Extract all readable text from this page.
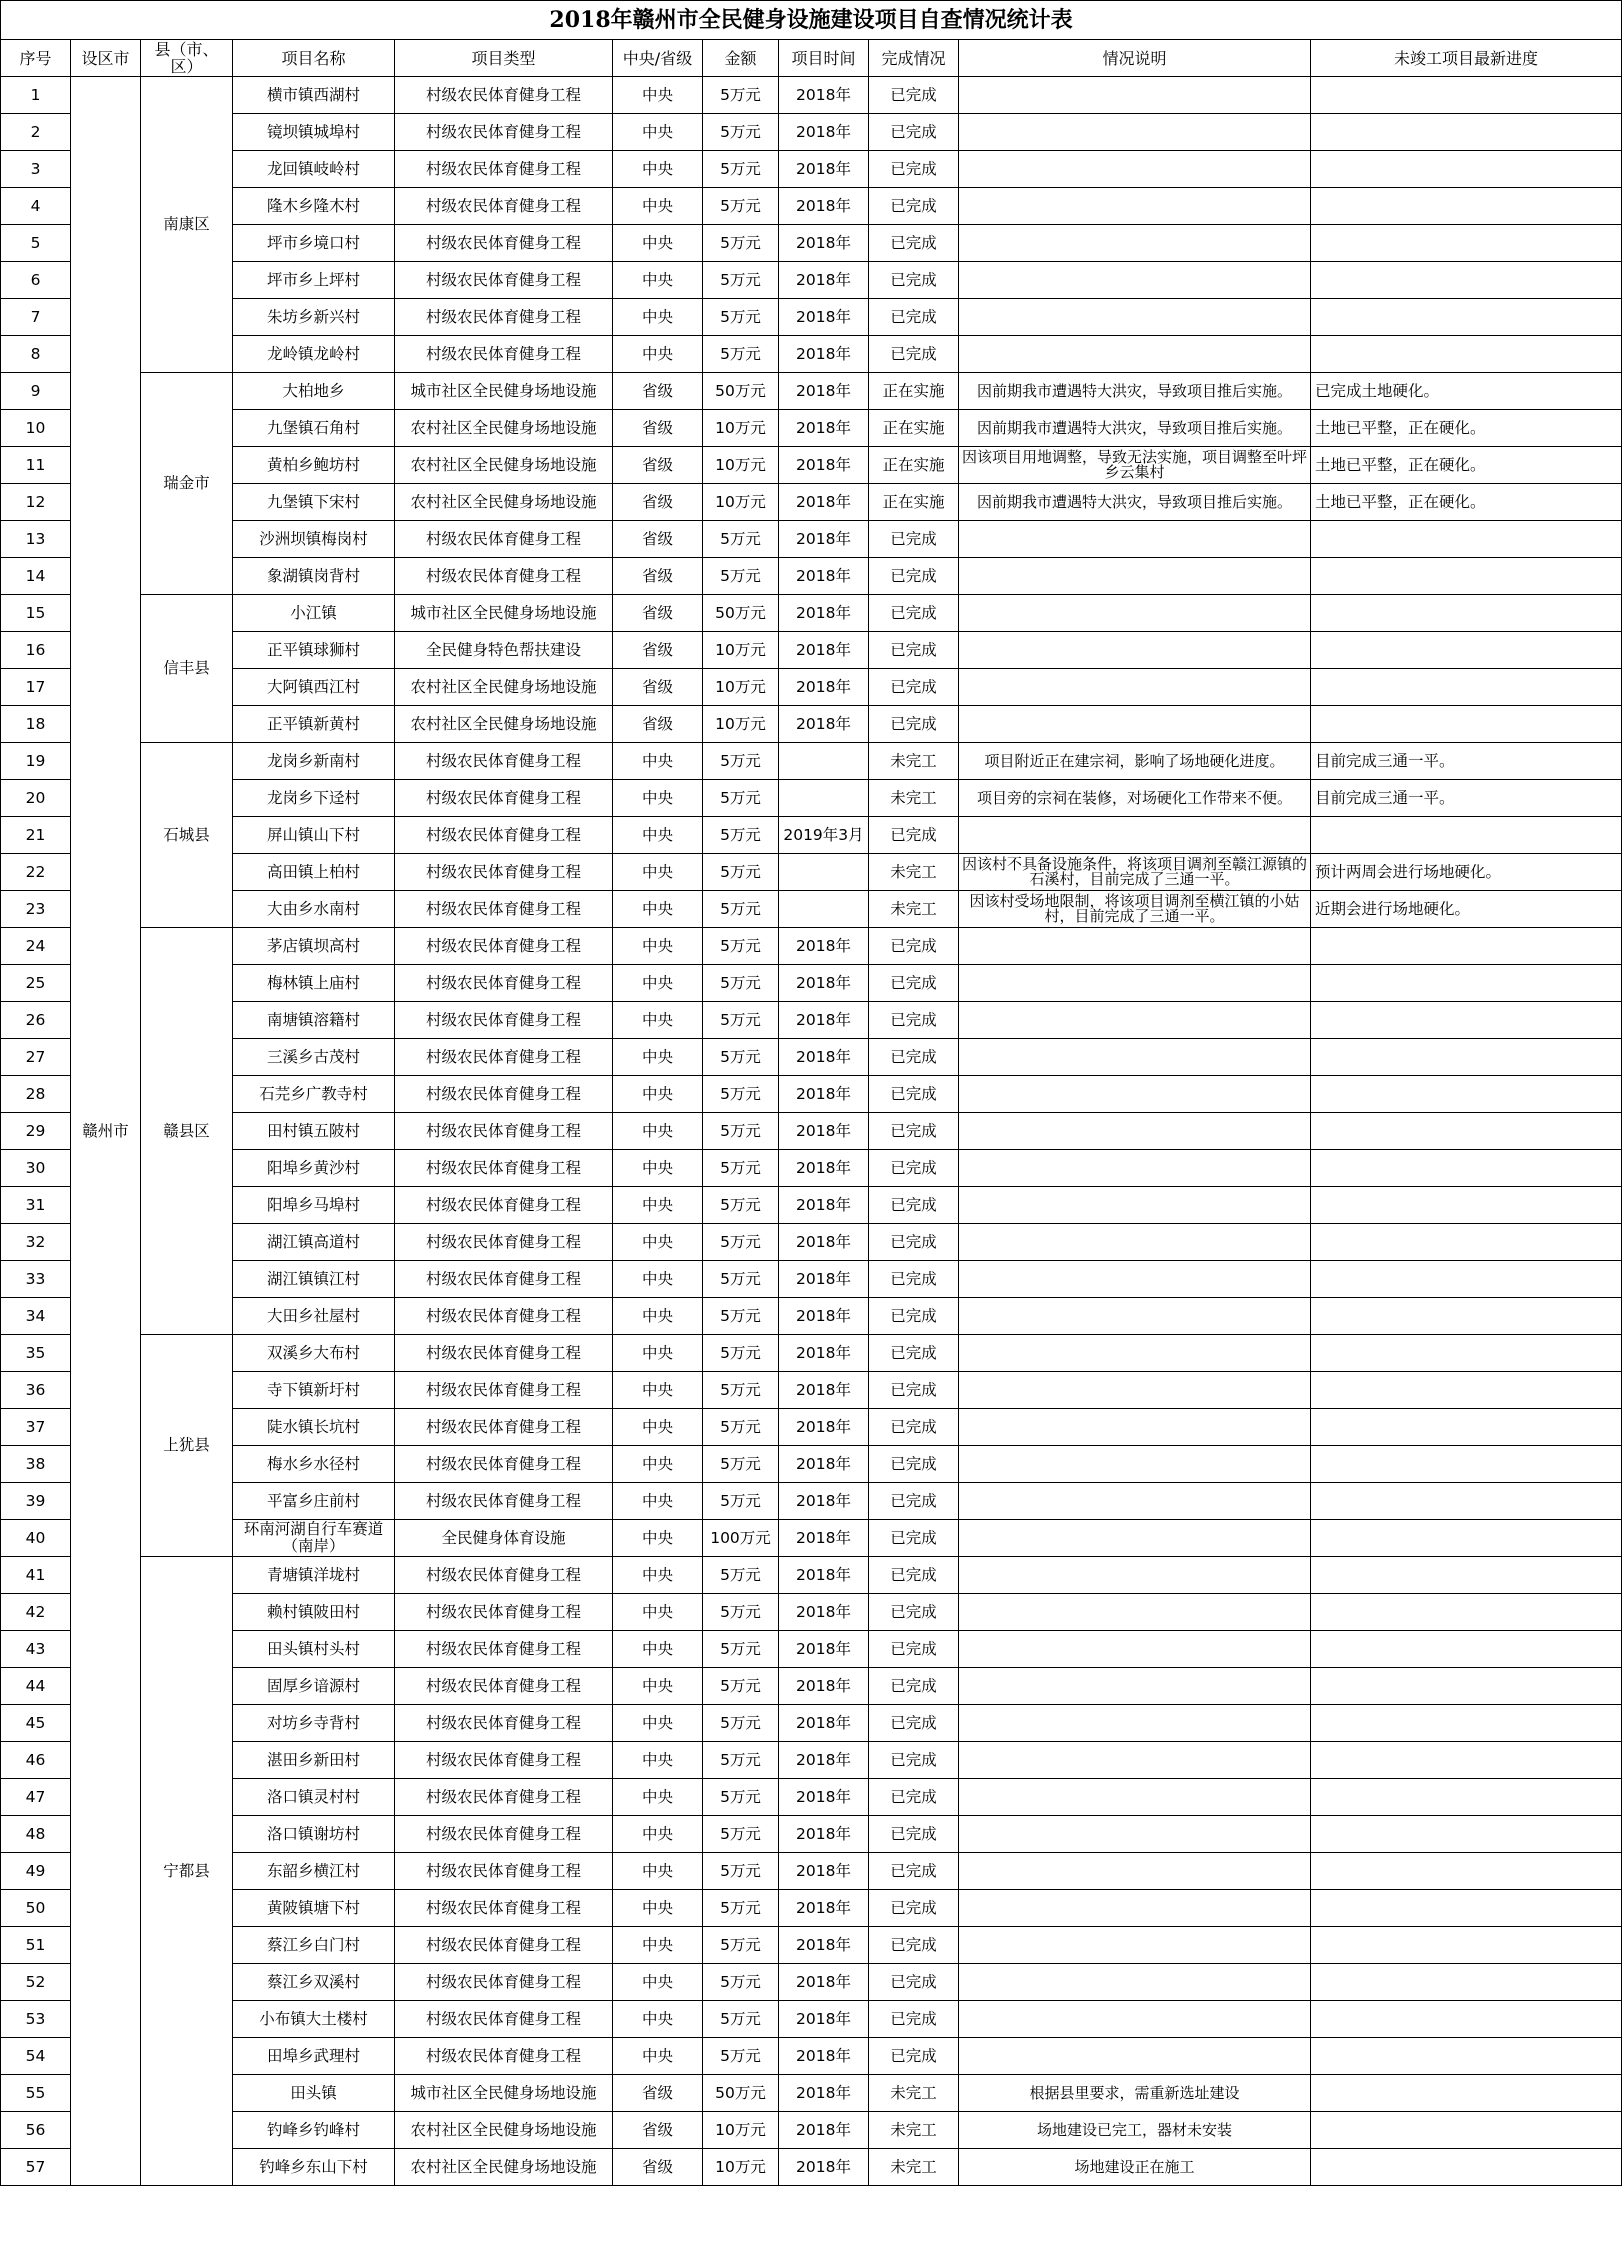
2018年赣州市全民健身设施建设项目自查情况统计表										
序号	设区市	县（市、区）	项目名称	项目类型	中央/省级	金额	项目时间	完成情况	情况说明	未竣工项目最新进度
1	赣州市	南康区	横市镇西湖村	村级农民体育健身工程	中央	5万元	2018年	已完成		
2			镜坝镇城埠村	村级农民体育健身工程	中央	5万元	2018年	已完成		
3			龙回镇岐岭村	村级农民体育健身工程	中央	5万元	2018年	已完成		
4			隆木乡隆木村	村级农民体育健身工程	中央	5万元	2018年	已完成		
5			坪市乡境口村	村级农民体育健身工程	中央	5万元	2018年	已完成		
6			坪市乡上坪村	村级农民体育健身工程	中央	5万元	2018年	已完成		
7			朱坊乡新兴村	村级农民体育健身工程	中央	5万元	2018年	已完成		
8			龙岭镇龙岭村	村级农民体育健身工程	中央	5万元	2018年	已完成		
9		瑞金市	大柏地乡	城市社区全民健身场地设施	省级	50万元	2018年	正在实施	因前期我市遭遇特大洪灾，导致项目推后实施。	已完成土地硬化。
10			九堡镇石角村	农村社区全民健身场地设施	省级	10万元	2018年	正在实施	因前期我市遭遇特大洪灾，导致项目推后实施。	土地已平整，正在硬化。
11			黄柏乡鲍坊村	农村社区全民健身场地设施	省级	10万元	2018年	正在实施	因该项目用地调整，导致无法实施，项目调整至叶坪乡云集村	土地已平整，正在硬化。
12			九堡镇下宋村	农村社区全民健身场地设施	省级	10万元	2018年	正在实施	因前期我市遭遇特大洪灾，导致项目推后实施。	土地已平整，正在硬化。
13			沙洲坝镇梅岗村	村级农民体育健身工程	省级	5万元	2018年	已完成		
14			象湖镇岗背村	村级农民体育健身工程	省级	5万元	2018年	已完成		
15		信丰县	小江镇	城市社区全民健身场地设施	省级	50万元	2018年	已完成		
16			正平镇球狮村	全民健身特色帮扶建设	省级	10万元	2018年	已完成		
17			大阿镇西江村	农村社区全民健身场地设施	省级	10万元	2018年	已完成		
18			正平镇新黄村	农村社区全民健身场地设施	省级	10万元	2018年	已完成		
19		石城县	龙岗乡新南村	村级农民体育健身工程	中央	5万元		未完工	项目附近正在建宗祠，影响了场地硬化进度。	目前完成三通一平。
20			龙岗乡下迳村	村级农民体育健身工程	中央	5万元		未完工	项目旁的宗祠在装修，对场硬化工作带来不便。	目前完成三通一平。
21			屏山镇山下村	村级农民体育健身工程	中央	5万元	2019年3月	已完成		
22			高田镇上柏村	村级农民体育健身工程	中央	5万元		未完工	因该村不具备设施条件，将该项目调剂至赣江源镇的石溪村，目前完成了三通一平。	预计两周会进行场地硬化。
23			大由乡水南村	村级农民体育健身工程	中央	5万元		未完工	因该村受场地限制，将该项目调剂至横江镇的小姑村，目前完成了三通一平。	近期会进行场地硬化。
24		赣县区	茅店镇坝高村	村级农民体育健身工程	中央	5万元	2018年	已完成		
25			梅林镇上庙村	村级农民体育健身工程	中央	5万元	2018年	已完成		
26			南塘镇溶籍村	村级农民体育健身工程	中央	5万元	2018年	已完成		
27			三溪乡古茂村	村级农民体育健身工程	中央	5万元	2018年	已完成		
28			石芫乡广教寺村	村级农民体育健身工程	中央	5万元	2018年	已完成		
29			田村镇五陂村	村级农民体育健身工程	中央	5万元	2018年	已完成		
30			阳埠乡黄沙村	村级农民体育健身工程	中央	5万元	2018年	已完成		
31			阳埠乡马埠村	村级农民体育健身工程	中央	5万元	2018年	已完成		
32			湖江镇高道村	村级农民体育健身工程	中央	5万元	2018年	已完成		
33			湖江镇镇江村	村级农民体育健身工程	中央	5万元	2018年	已完成		
34			大田乡社屋村	村级农民体育健身工程	中央	5万元	2018年	已完成		
35		上犹县	双溪乡大布村	村级农民体育健身工程	中央	5万元	2018年	已完成		
36			寺下镇新圩村	村级农民体育健身工程	中央	5万元	2018年	已完成		
37			陡水镇长坑村	村级农民体育健身工程	中央	5万元	2018年	已完成		
38			梅水乡水径村	村级农民体育健身工程	中央	5万元	2018年	已完成		
39			平富乡庄前村	村级农民体育健身工程	中央	5万元	2018年	已完成		
40			环南河湖自行车赛道（南岸）	全民健身体育设施	中央	100万元	2018年	已完成		
41		宁都县	青塘镇洋垅村	村级农民体育健身工程	中央	5万元	2018年	已完成		
42			赖村镇陂田村	村级农民体育健身工程	中央	5万元	2018年	已完成		
43			田头镇村头村	村级农民体育健身工程	中央	5万元	2018年	已完成		
44			固厚乡谙源村	村级农民体育健身工程	中央	5万元	2018年	已完成		
45			对坊乡寺背村	村级农民体育健身工程	中央	5万元	2018年	已完成		
46			湛田乡新田村	村级农民体育健身工程	中央	5万元	2018年	已完成		
47			洛口镇灵村村	村级农民体育健身工程	中央	5万元	2018年	已完成		
48			洛口镇谢坊村	村级农民体育健身工程	中央	5万元	2018年	已完成		
49			东韶乡横江村	村级农民体育健身工程	中央	5万元	2018年	已完成		
50			黄陂镇塘下村	村级农民体育健身工程	中央	5万元	2018年	已完成		
51			蔡江乡白门村	村级农民体育健身工程	中央	5万元	2018年	已完成		
52			蔡江乡双溪村	村级农民体育健身工程	中央	5万元	2018年	已完成		
53			小布镇大土楼村	村级农民体育健身工程	中央	5万元	2018年	已完成		
54			田埠乡武理村	村级农民体育健身工程	中央	5万元	2018年	已完成		
55			田头镇	城市社区全民健身场地设施	省级	50万元	2018年	未完工	根据县里要求，需重新选址建设	
56			钓峰乡钓峰村	农村社区全民健身场地设施	省级	10万元	2018年	未完工	场地建设已完工，器材未安装	
57			钓峰乡东山下村	农村社区全民健身场地设施	省级	10万元	2018年	未完工	场地建设正在施工	
